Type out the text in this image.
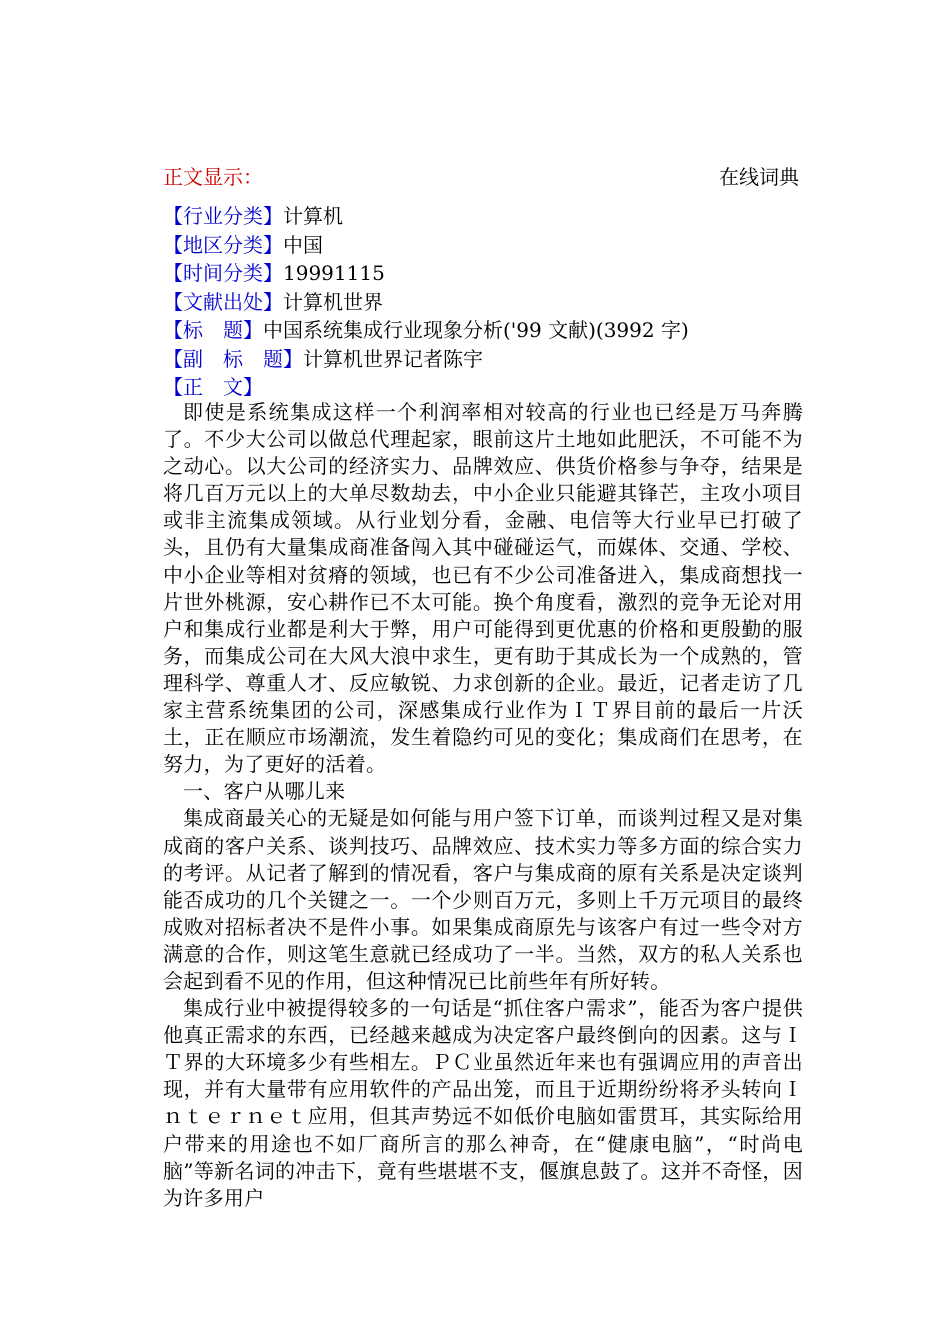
正文显示：	在线词典
【行业分类】计算机
【地区分类】中国
【时间分类】19991115
【文献出处】计算机世界
【标　题】中国系统集成行业现象分析('99 文献)(3992 字)
【副　标　题】计算机世界记者陈宇
【正　文】

即使是系统集成这样一个利润率相对较高的行业也已经是万马奔腾了。不少大公司以做总代理起家，眼前这片土地如此肥沃，不可能不为之动心。以大公司的经济实力、品牌效应、供货价格参与争夺，结果是将几百万元以上的大单尽数劫去，中小企业只能避其锋芒，主攻小项目或非主流集成领域。从行业划分看，金融、电信等大行业早已打破了头，且仍有大量集成商准备闯入其中碰碰运气，而媒体、交通、学校、中小企业等相对贫瘠的领域，也已有不少公司准备进入，集成商想找一片世外桃源，安心耕作已不太可能。换个角度看，激烈的竞争无论对用户和集成行业都是利大于弊，用户可能得到更优惠的价格和更殷勤的服务，而集成公司在大风大浪中求生，更有助于其成长为一个成熟的，管理科学、尊重人才、反应敏锐、力求创新的企业。最近，记者走访了几家主营系统集团的公司，深感集成行业作为ＩＴ界目前的最后一片沃土，正在顺应市场潮流，发生着隐约可见的变化；集成商们在思考，在努力，为了更好的活着。

一、客户从哪儿来

集成商最关心的无疑是如何能与用户签下订单，而谈判过程又是对集成商的客户关系、谈判技巧、品牌效应、技术实力等多方面的综合实力的考评。从记者了解到的情况看，客户与集成商的原有关系是决定谈判能否成功的几个关键之一。一个少则百万元，多则上千万元项目的最终成败对招标者决不是件小事。如果集成商原先与该客户有过一些令对方满意的合作，则这笔生意就已经成功了一半。当然，双方的私人关系也会起到看不见的作用，但这种情况已比前些年有所好转。

集成行业中被提得较多的一句话是“抓住客户需求”，能否为客户提供他真正需求的东西，已经越来越成为决定客户最终倒向的因素。这与ＩＴ界的大环境多少有些相左。ＰＣ业虽然近年来也有强调应用的声音出现，并有大量带有应用软件的产品出笼，而且于近期纷纷将矛头转向Ｉｎｔｅｒｎｅｔ应用，但其声势远不如低价电脑如雷贯耳，其实际给用户带来的用途也不如厂商所言的那么神奇，在“健康电脑”，“时尚电脑”等新名词的冲击下，竟有些堪堪不支，偃旗息鼓了。这并不奇怪，因为许多用户
